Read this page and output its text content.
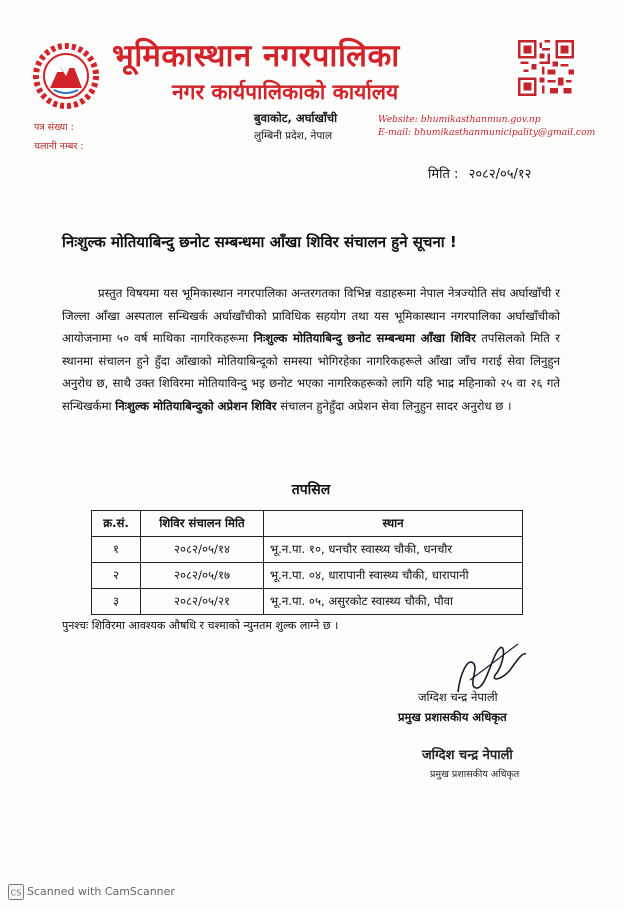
भूमिकास्थान नगरपालिका
नगर कार्यपालिकाको कार्यालय
बुवाकोट, अर्घाखाँची
लुम्बिनी प्रदेश, नेपाल
Website: bhumikasthanmun.gov.np
E-mail: bhumikasthanmunicipality@gmail.com
पत्र संख्या :
चलानी नम्बर :
मिति : २०८२/०५/१२
निःशुल्क मोतियाबिन्दु छनोट सम्बन्धमा आँखा शिविर संचालन हुने सूचना !
प्रस्तुत विषयमा यस भूमिकास्थान नगरपालिका अन्तरगतका विभिन्न वडाहरूमा नेपाल नेत्रज्योति संघ अर्घाखाँची र जिल्ला आँखा अस्पताल सन्धिखर्क अर्घाखाँचीको प्राविधिक सहयोग तथा यस भूमिकास्थान नगरपालिका अर्घाखाँचीको आयोजनामा ५० वर्ष माथिका नागरिकहरूमा निःशुल्क मोतियाबिन्दु छनोट सम्बन्धमा आँखा शिविर तपसिलको मिति र स्थानमा संचालन हुने हुँदा आँखाको मोतियाबिन्दूको समस्या भोगिरहेका नागरिकहरूले आँखा जाँच गराई सेवा लिनुहुन अनुरोध छ, साथै उक्त शिविरमा मोतियाविन्दु भइ छनोट भएका नागरिकहरूको लागि यहि भाद्र महिनाको २५ वा २६ गते सन्धिखर्कमा निःशुल्क मोतियाबिन्दुको अप्रेशन शिविर संचालन हुनेहुँदा अप्रेशन सेवा लिनुहुन सादर अनुरोध छ ।
तपसिल
क्र.सं.	शिविर संचालन मिति	स्थान
१	२०८२/०५/१४	भू.न.पा. १०, धनचौर स्वास्थ्य चौकी, धनचौर
२	२०८२/०५/१७	भू.न.पा. ०४, धारापानी स्वास्थ्य चौकी, धारापानी
३	२०८२/०५/२१	भू.न.पा. ०५, असुरकोट स्वास्थ्य चौकी, पौवा
पुनश्चः शिविरमा आवश्यक औषधि र चश्माको न्युनतम शुल्क लाग्ने छ ।
जग्दिश चन्द्र नेपाली
प्रमुख प्रशासकीय अधिकृत
जग्दिश चन्द्र नेपाली
प्रमुख प्रशासकीय अधिकृत
CS Scanned with CamScanner
